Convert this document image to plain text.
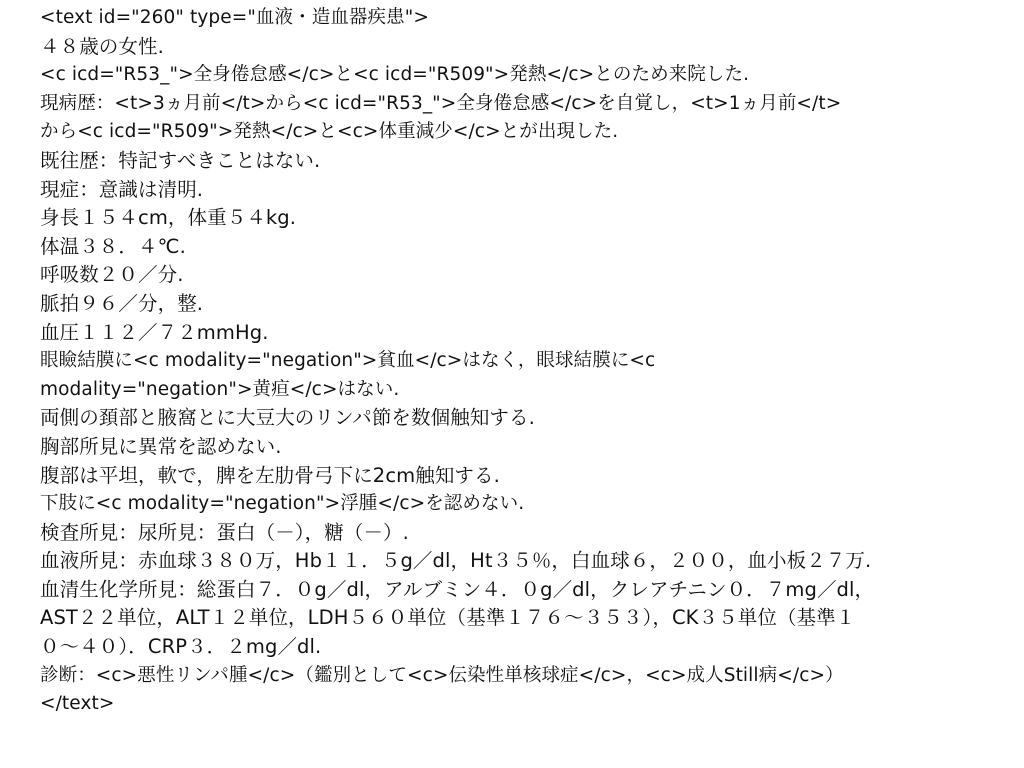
<text id="260" type="血液・造血器疾患">
４８歳の女性.
<c icd="R53_">全身倦怠感</c>と<c icd="R509">発熱</c>とのため来院した.
現病歴：<t>3ヵ月前</t>から<c icd="R53_">全身倦怠感</c>を自覚し，<t>1ヵ月前</t>
から<c icd="R509">発熱</c>と<c>体重減少</c>とが出現した.
既往歴：特記すべきことはない.
現症：意識は清明.
身長１５４cm，体重５４kg.
体温３８．４℃.
呼吸数２０／分.
脈拍９６／分，整.
血圧１１２／７２mmHg.
眼瞼結膜に<c modality="negation">貧血</c>はなく，眼球結膜に<c
modality="negation">黄疸</c>はない.
両側の頚部と腋窩とに大豆大のリンパ節を数個触知する.
胸部所見に異常を認めない.
腹部は平坦，軟で，脾を左肋骨弓下に2cm触知する.
下肢に<c modality="negation">浮腫</c>を認めない.
検査所見：尿所見：蛋白（－），糖（－）.
血液所見：赤血球３８０万，Hb１１．５g／dl，Ht３５％，白血球６，２００，血小板２７万.
血清生化学所見：総蛋白７．０g／dl，アルブミン４．０g／dl，クレアチニン０．７mg／dl，
AST２２単位，ALT１２単位，LDH５６０単位（基準１７６～３５３），CK３５単位（基準１
０～４０）．CRP３．２mg／dl.
診断：<c>悪性リンパ腫</c>（鑑別として<c>伝染性単核球症</c>，<c>成人Still病</c>）
</text>
